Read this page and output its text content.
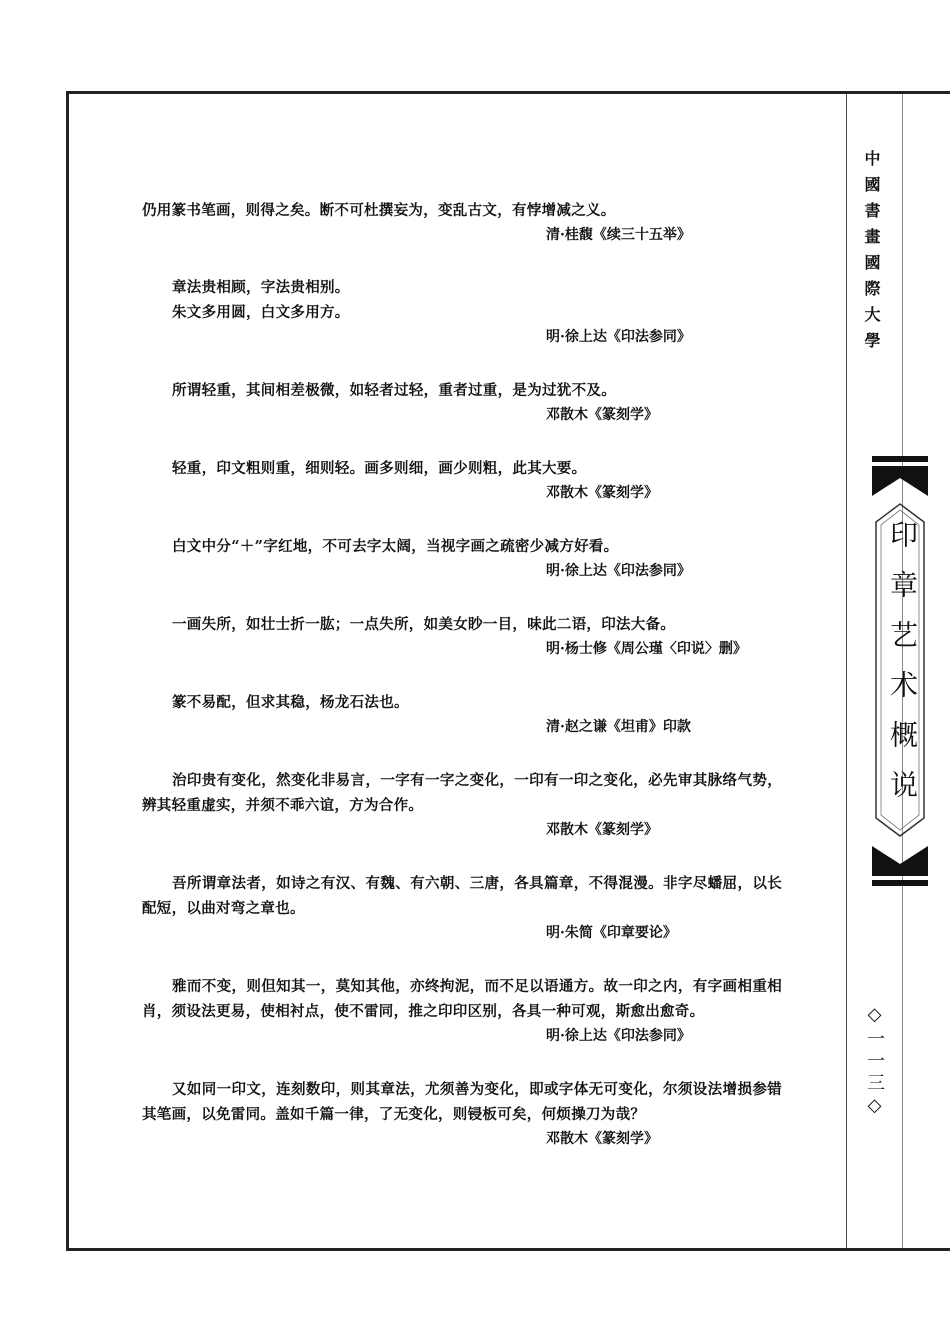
仍用篆书笔画，则得之矣。断不可杜撰妄为，变乱古文，有悖增减之义。

清·桂馥《续三十五举》

章法贵相顾，字法贵相别。

朱文多用圆，白文多用方。

明·徐上达《印法参同》

所谓轻重，其间相差极微，如轻者过轻，重者过重，是为过犹不及。

邓散木《篆刻学》

轻重，印文粗则重，细则轻。画多则细，画少则粗，此其大要。

邓散木《篆刻学》

白文中分“＋”字红地，不可去字太阔，当视字画之疏密少减方好看。

明·徐上达《印法参同》

一画失所，如壮士折一肱；一点失所，如美女眇一目，味此二语，印法大备。

明·杨士修《周公瑾〈印说〉删》

篆不易配，但求其稳，杨龙石法也。

清·赵之谦《坦甫》印款

治印贵有变化，然变化非易言，一字有一字之变化，一印有一印之变化，必先审其脉络气势，辨其轻重虚实，并须不乖六谊，方为合作。

邓散木《篆刻学》

吾所谓章法者，如诗之有汉、有魏、有六朝、三唐，各具篇章，不得混漫。非字尽蟠屈，以长配短，以曲对弯之章也。

明·朱简《印章要论》

雅而不变，则但知其一，莫知其他，亦终拘泥，而不足以语通方。故一印之内，有字画相重相肖，须设法更易，使相衬点，使不雷同，推之印印区别，各具一种可观，斯愈出愈奇。

明·徐上达《印法参同》

又如同一印文，连刻数印，则其章法，尤须善为变化，即或字体无可变化，尔须设法增损参错其笔画，以免雷同。盖如千篇一律，了无变化，则锓板可矣，何烦操刀为哉？

邓散木《篆刻学》

中國書畫國際大學
印章艺术概说
◇一一三◇
